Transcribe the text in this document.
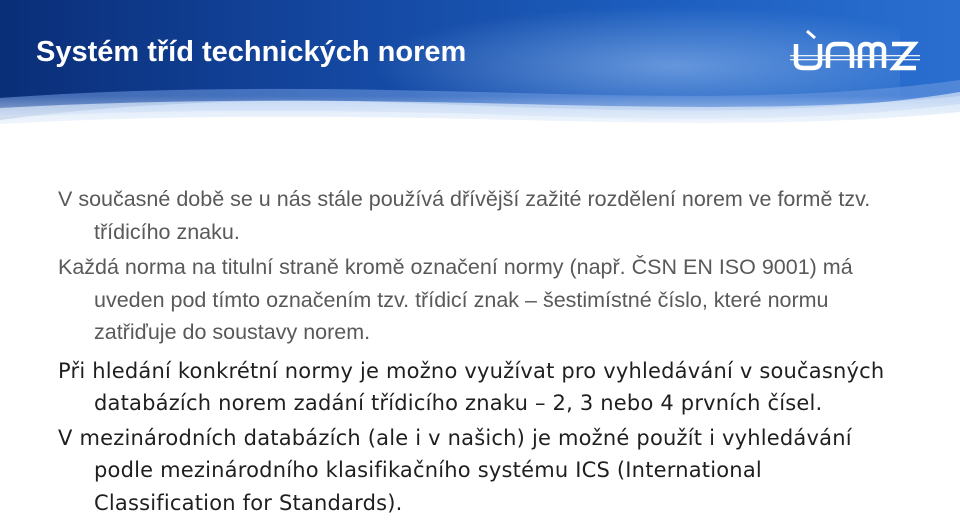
Systém tříd technických norem

V současné době se u nás stále používá dřívější zažité rozdělení norem ve formě tzv. třídicího znaku.

Každá norma na titulní straně kromě označení normy (např. ČSN EN ISO 9001) má uveden pod tímto označením tzv. třídicí znak – šestimístné číslo, které normu zatřiďuje do soustavy norem.

Při hledání konkrétní normy je možno využívat pro vyhledávání v současných databázích norem zadání třídicího znaku – 2, 3 nebo 4 prvních čísel.

V mezinárodních databázích (ale i v našich) je možné použít i vyhledávání podle mezinárodního klasifikačního systému ICS (International Classification for Standards).
